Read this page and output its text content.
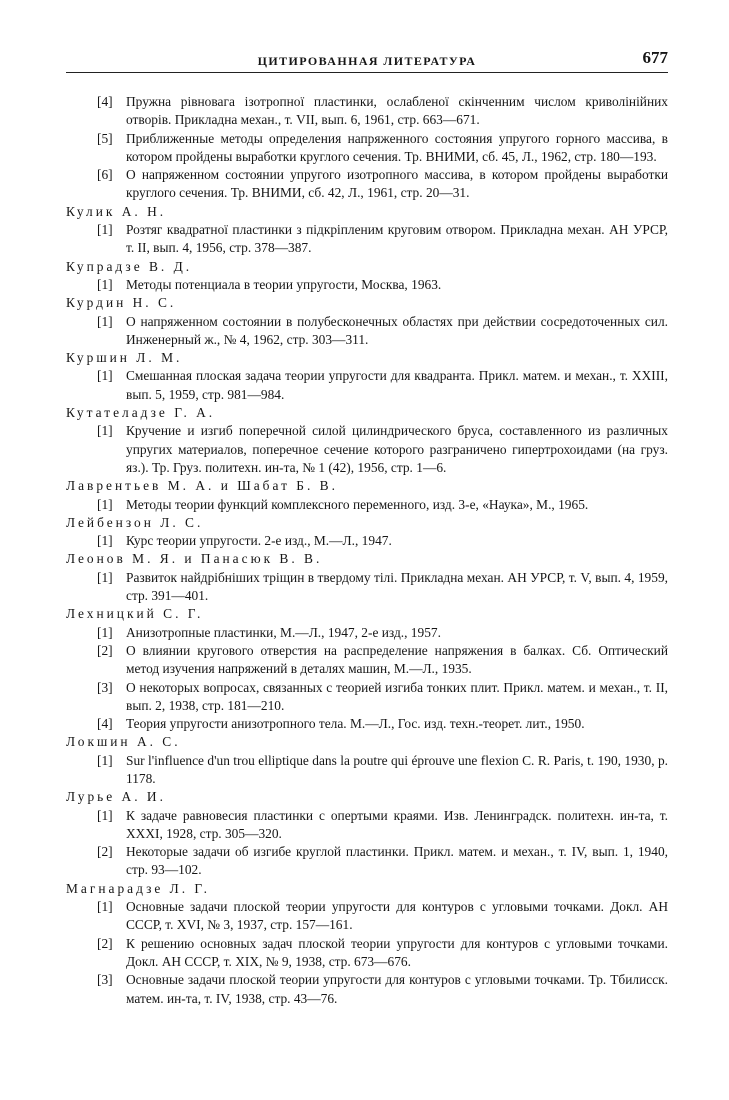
ЦИТИРОВАННАЯ ЛИТЕРАТУРА	677
[4] Пружна рівновага ізотропної пластинки, ослабленої скінченним числом криволінійних отворів. Прикладна механ., т. VII, вып. 6, 1961, стр. 663—671.
[5] Приближенные методы определения напряженного состояния упругого горного массива, в котором пройдены выработки круглого сечения. Тр. ВНИМИ, сб. 45, Л., 1962, стр. 180—193.
[6] О напряженном состоянии упругого изотропного массива, в котором пройдены выработки круглого сечения. Тр. ВНИМИ, сб. 42, Л., 1961, стр. 20—31.
Кулик А. Н.
[1] Розтяг квадратної пластинки з підкріпленим круговим отвором. Прикладна механ. АН УРСР, т. II, вып. 4, 1956, стр. 378—387.
Купрадзе В. Д.
[1] Методы потенциала в теории упругости, Москва, 1963.
Курдин Н. С.
[1] О напряженном состоянии в полубесконечных областях при действии сосредоточенных сил. Инженерный ж., № 4, 1962, стр. 303—311.
Куршин Л. М.
[1] Смешанная плоская задача теории упругости для квадранта. Прикл. матем. и механ., т. XXIII, вып. 5, 1959, стр. 981—984.
Кутателадзе Г. А.
[1] Кручение и изгиб поперечной силой цилиндрического бруса, составленного из различных упругих материалов, поперечное сечение которого разграничено гипертрохоидами (на груз. яз.). Тр. Груз. политехн. ин-та, № 1 (42), 1956, стр. 1—6.
Лаврентьев М. А. и Шабат Б. В.
[1] Методы теории функций комплексного переменного, изд. 3-е, «Наука», М., 1965.
Лейбензон Л. С.
[1] Курс теории упругости. 2-е изд., М.—Л., 1947.
Леонов М. Я. и Панасюк В. В.
[1] Развиток найдрібніших тріщин в твердому тілі. Прикладна механ. АН УРСР, т. V, вып. 4, 1959, стр. 391—401.
Лехницкий С. Г.
[1] Анизотропные пластинки, М.—Л., 1947, 2-е изд., 1957.
[2] О влиянии кругового отверстия на распределение напряжения в балках. Сб. Оптический метод изучения напряжений в деталях машин, М.—Л., 1935.
[3] О некоторых вопросах, связанных с теорией изгиба тонких плит. Прикл. матем. и механ., т. II, вып. 2, 1938, стр. 181—210.
[4] Теория упругости анизотропного тела. М.—Л., Гос. изд. техн.-теорет. лит., 1950.
Локшин А. С.
[1] Sur l'influence d'un trou elliptique dans la poutre qui éprouve une flexion C. R. Paris, t. 190, 1930, p. 1178.
Лурье А. И.
[1] К задаче равновесия пластинки с опертыми краями. Изв. Ленинградск. политехн. ин-та, т. XXXI, 1928, стр. 305—320.
[2] Некоторые задачи об изгибе круглой пластинки. Прикл. матем. и механ., т. IV, вып. 1, 1940, стр. 93—102.
Магнарадзе Л. Г.
[1] Основные задачи плоской теории упругости для контуров с угловыми точками. Докл. АН СССР, т. XVI, № 3, 1937, стр. 157—161.
[2] К решению основных задач плоской теории упругости для контуров с угловыми точками. Докл. АН СССР, т. XIX, № 9, 1938, стр. 673—676.
[3] Основные задачи плоской теории упругости для контуров с угловыми точками. Тр. Тбилисск. матем. ин-та, т. IV, 1938, стр. 43—76.
